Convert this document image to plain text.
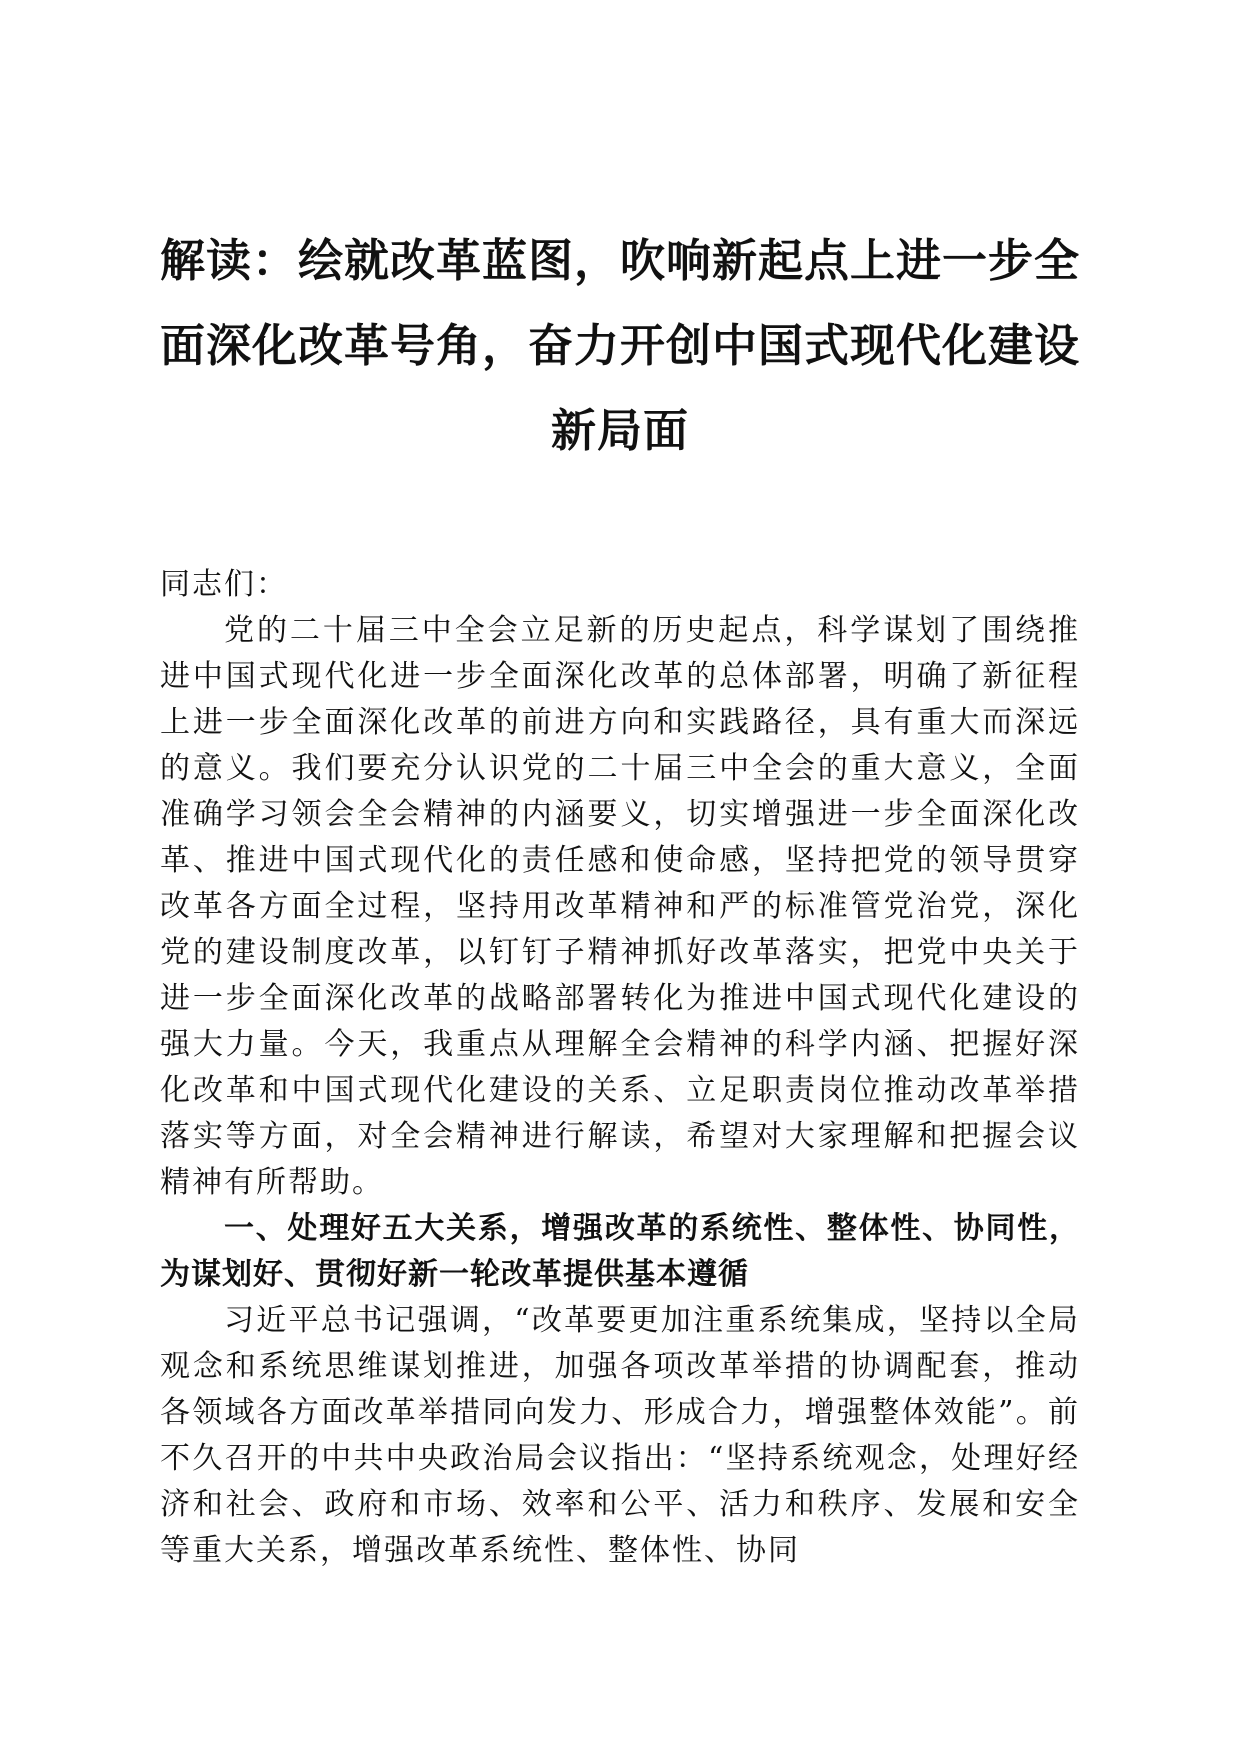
解读：绘就改革蓝图，吹响新起点上进一步全面深化改革号角，奋力开创中国式现代化建设新局面

同志们：

党的二十届三中全会立足新的历史起点，科学谋划了围绕推进中国式现代化进一步全面深化改革的总体部署，明确了新征程上进一步全面深化改革的前进方向和实践路径，具有重大而深远的意义。我们要充分认识党的二十届三中全会的重大意义，全面准确学习领会全会精神的内涵要义，切实增强进一步全面深化改革、推进中国式现代化的责任感和使命感，坚持把党的领导贯穿改革各方面全过程，坚持用改革精神和严的标准管党治党，深化党的建设制度改革，以钉钉子精神抓好改革落实，把党中央关于进一步全面深化改革的战略部署转化为推进中国式现代化建设的强大力量。今天，我重点从理解全会精神的科学内涵、把握好深化改革和中国式现代化建设的关系、立足职责岗位推动改革举措落实等方面，对全会精神进行解读，希望对大家理解和把握会议精神有所帮助。

一、处理好五大关系，增强改革的系统性、整体性、协同性，为谋划好、贯彻好新一轮改革提供基本遵循

习近平总书记强调，“改革要更加注重系统集成，坚持以全局观念和系统思维谋划推进，加强各项改革举措的协调配套，推动各领域各方面改革举措同向发力、形成合力，增强整体效能”。前不久召开的中共中央政治局会议指出：“坚持系统观念，处理好经济和社会、政府和市场、效率和公平、活力和秩序、发展和安全等重大关系，增强改革系统性、整体性、协同
